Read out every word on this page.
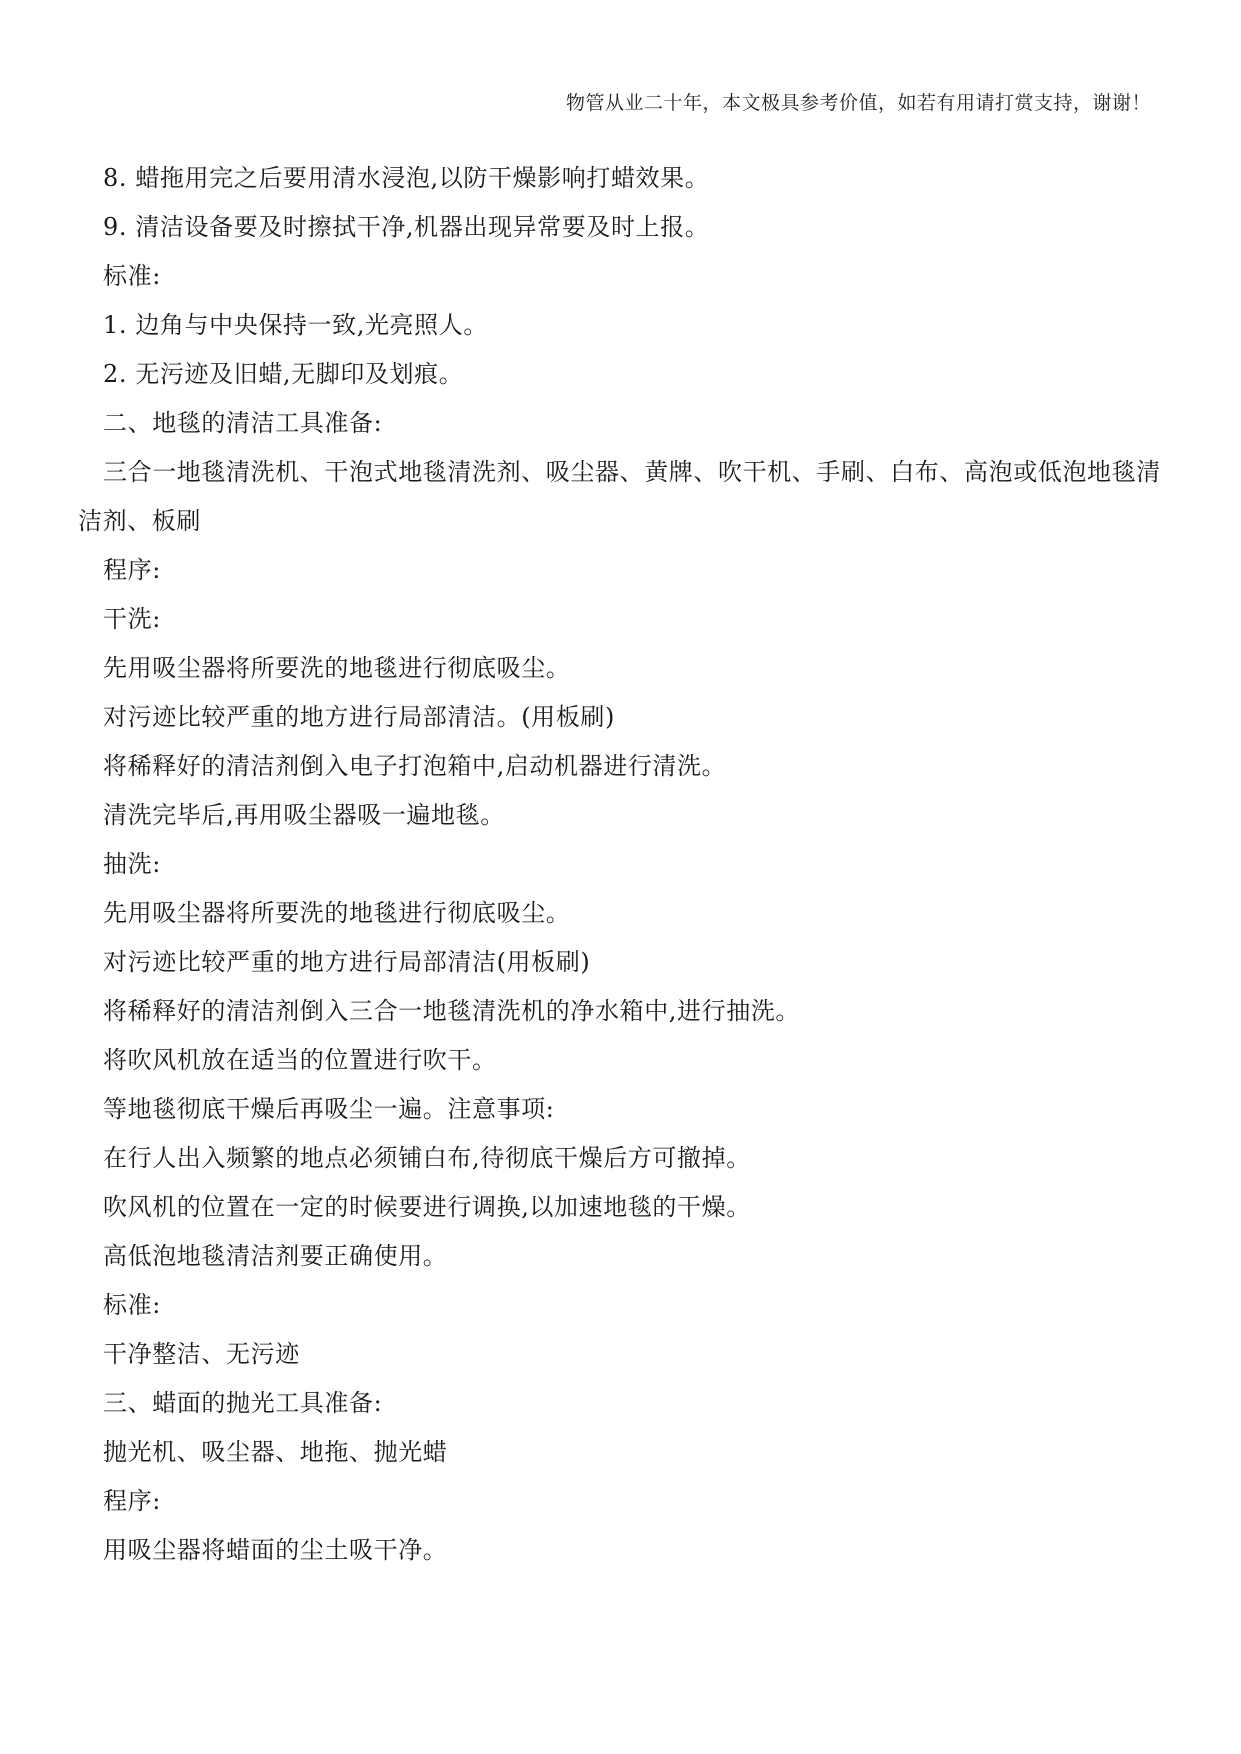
物管从业二十年，本文极具参考价值，如若有用请打赏支持，谢谢！
8. 蜡拖用完之后要用清水浸泡,以防干燥影响打蜡效果。
9. 清洁设备要及时擦拭干净,机器出现异常要及时上报。
标准:
1. 边角与中央保持一致,光亮照人。
2. 无污迹及旧蜡,无脚印及划痕。
二、地毯的清洁工具准备:
三合一地毯清洗机、干泡式地毯清洗剂、吸尘器、黄牌、吹干机、手刷、白布、高泡或低泡地毯清洁剂、板刷
程序:
干洗:
先用吸尘器将所要洗的地毯进行彻底吸尘。
对污迹比较严重的地方进行局部清洁。(用板刷)
将稀释好的清洁剂倒入电子打泡箱中,启动机器进行清洗。
清洗完毕后,再用吸尘器吸一遍地毯。
抽洗:
先用吸尘器将所要洗的地毯进行彻底吸尘。
对污迹比较严重的地方进行局部清洁(用板刷)
将稀释好的清洁剂倒入三合一地毯清洗机的净水箱中,进行抽洗。
将吹风机放在适当的位置进行吹干。
等地毯彻底干燥后再吸尘一遍。注意事项:
在行人出入频繁的地点必须铺白布,待彻底干燥后方可撤掉。
吹风机的位置在一定的时候要进行调换,以加速地毯的干燥。
高低泡地毯清洁剂要正确使用。
标准:
干净整洁、无污迹
三、蜡面的抛光工具准备:
抛光机、吸尘器、地拖、抛光蜡
程序:
用吸尘器将蜡面的尘土吸干净。
